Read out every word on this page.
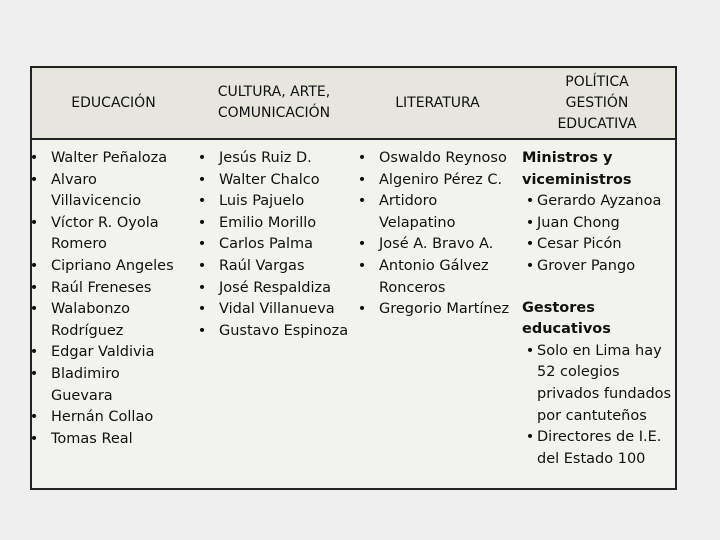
EDUCACIÓN
CULTURA, ARTE,
COMUNICACIÓN
LITERATURA
POLÍTICA
GESTIÓN
EDUCATIVA
• Walter Peñaloza
• Alvaro Villavicencio
• Víctor R. Oyola Romero
• Cipriano Angeles
• Raúl Freneses
• Walabonzo Rodríguez
• Edgar Valdivia
• Bladimiro Guevara
• Hernán Collao
• Tomas Real
• Jesús Ruiz D.
• Walter Chalco
• Luis Pajuelo
• Emilio Morillo
• Carlos Palma
• Raúl Vargas
• José Respaldiza
• Vidal Villanueva
• Gustavo Espinoza
• Oswaldo Reynoso
• Algeniro Pérez C.
• Artidoro Velapatino
• José A. Bravo A.
• Antonio Gálvez Ronceros
• Gregorio Martínez
Ministros y viceministros
• Gerardo Ayzanoa
• Juan Chong
• Cesar Picón
• Grover Pango
Gestores educativos
• Solo en Lima hay 52 colegios privados fundados por cantuteños
• Directores de I.E. del Estado 100
